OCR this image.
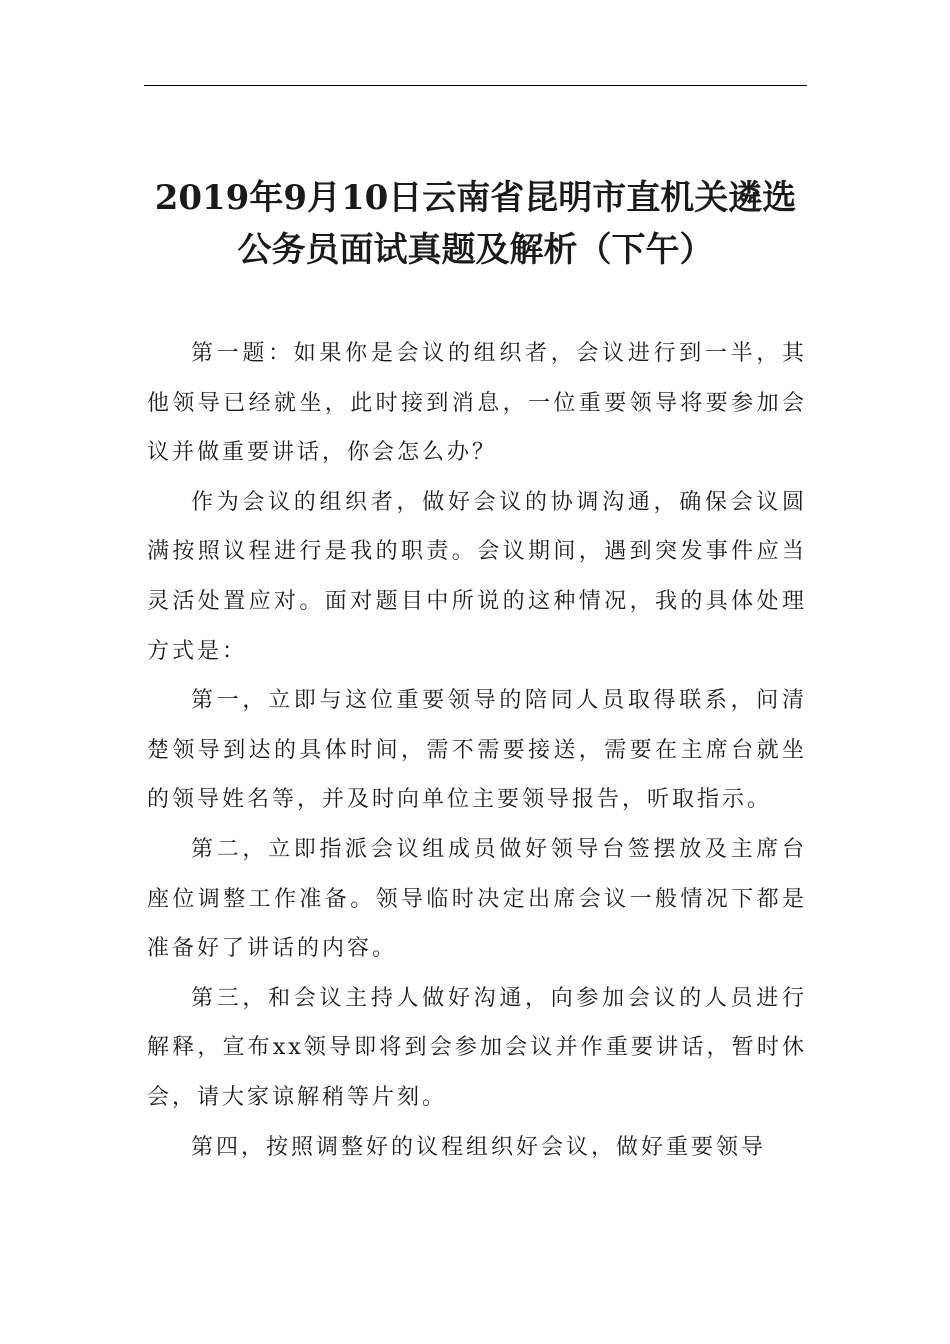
2019年9月10日云南省昆明市直机关遴选
公务员面试真题及解析（下午）

第一题：如果你是会议的组织者，会议进行到一半，其他领导已经就坐，此时接到消息，一位重要领导将要参加会议并做重要讲话，你会怎么办？

作为会议的组织者，做好会议的协调沟通，确保会议圆满按照议程进行是我的职责。会议期间，遇到突发事件应当灵活处置应对。面对题目中所说的这种情况，我的具体处理方式是：

第一，立即与这位重要领导的陪同人员取得联系，问清楚领导到达的具体时间，需不需要接送，需要在主席台就坐的领导姓名等，并及时向单位主要领导报告，听取指示。

第二，立即指派会议组成员做好领导台签摆放及主席台座位调整工作准备。领导临时决定出席会议一般情况下都是准备好了讲话的内容。

第三，和会议主持人做好沟通，向参加会议的人员进行解释，宣布xx领导即将到会参加会议并作重要讲话，暂时休会，请大家谅解稍等片刻。

第四，按照调整好的议程组织好会议，做好重要领导
